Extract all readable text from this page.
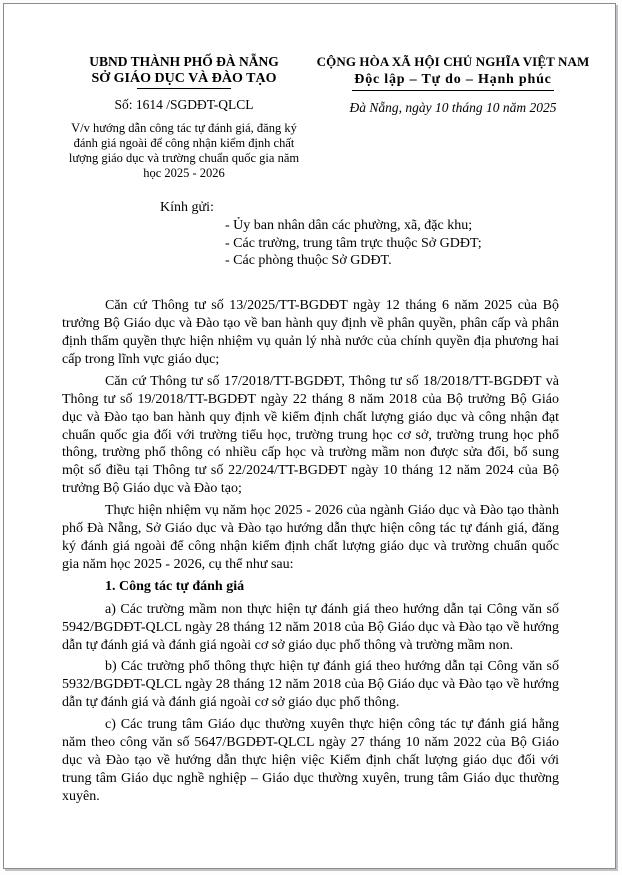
UBND THÀNH PHỐ ĐÀ NẴNG
SỞ GIÁO DỤC VÀ ĐÀO TẠO
Số: 1614 /SGDĐT-QLCL
V/v hướng dẫn công tác tự đánh giá, đăng ký đánh giá ngoài để công nhận kiểm định chất lượng giáo dục và trường chuẩn quốc gia năm học 2025 - 2026
CỘNG HÒA XÃ HỘI CHỦ NGHĨA VIỆT NAM
Độc lập – Tự do – Hạnh phúc
Đà Nẵng, ngày 10 tháng 10 năm 2025
Kính gửi:
- Ủy ban nhân dân các phường, xã, đặc khu;
- Các trường, trung tâm trực thuộc Sở GDĐT;
- Các phòng thuộc Sở GDĐT.

Căn cứ Thông tư số 13/2025/TT-BGDĐT ngày 12 tháng 6 năm 2025 của Bộ trưởng Bộ Giáo dục và Đào tạo về ban hành quy định về phân quyền, phân cấp và phân định thẩm quyền thực hiện nhiệm vụ quản lý nhà nước của chính quyền địa phương hai cấp trong lĩnh vực giáo dục;

Căn cứ Thông tư số 17/2018/TT-BGDĐT, Thông tư số 18/2018/TT-BGDĐT và Thông tư số 19/2018/TT-BGDĐT ngày 22 tháng 8 năm 2018 của Bộ trưởng Bộ Giáo dục và Đào tạo ban hành quy định về kiểm định chất lượng giáo dục và công nhận đạt chuẩn quốc gia đối với trường tiểu học, trường trung học cơ sở, trường trung học phổ thông, trường phổ thông có nhiều cấp học và trường mầm non được sửa đổi, bổ sung một số điều tại Thông tư số 22/2024/TT-BGDĐT ngày 10 tháng 12 năm 2024 của Bộ trưởng Bộ Giáo dục và Đào tạo;

Thực hiện nhiệm vụ năm học 2025 - 2026 của ngành Giáo dục và Đào tạo thành phố Đà Nẵng, Sở Giáo dục và Đào tạo hướng dẫn thực hiện công tác tự đánh giá, đăng ký đánh giá ngoài để công nhận kiểm định chất lượng giáo dục và trường chuẩn quốc gia năm học 2025 - 2026, cụ thể như sau:

1. Công tác tự đánh giá

a) Các trường mầm non thực hiện tự đánh giá theo hướng dẫn tại Công văn số 5942/BGDĐT-QLCL ngày 28 tháng 12 năm 2018 của Bộ Giáo dục và Đào tạo về hướng dẫn tự đánh giá và đánh giá ngoài cơ sở giáo dục phổ thông và trường mầm non.

b) Các trường phổ thông thực hiện tự đánh giá theo hướng dẫn tại Công văn số 5932/BGDĐT-QLCL ngày 28 tháng 12 năm 2018 của Bộ Giáo dục và Đào tạo về hướng dẫn tự đánh giá và đánh giá ngoài cơ sở giáo dục phổ thông.

c) Các trung tâm Giáo dục thường xuyên thực hiện công tác tự đánh giá hằng năm theo công văn số 5647/BGDĐT-QLCL ngày 27 tháng 10 năm 2022 của Bộ Giáo dục và Đào tạo về hướng dẫn thực hiện việc Kiểm định chất lượng giáo dục đối với trung tâm Giáo dục nghề nghiệp – Giáo dục thường xuyên, trung tâm Giáo dục thường xuyên.
